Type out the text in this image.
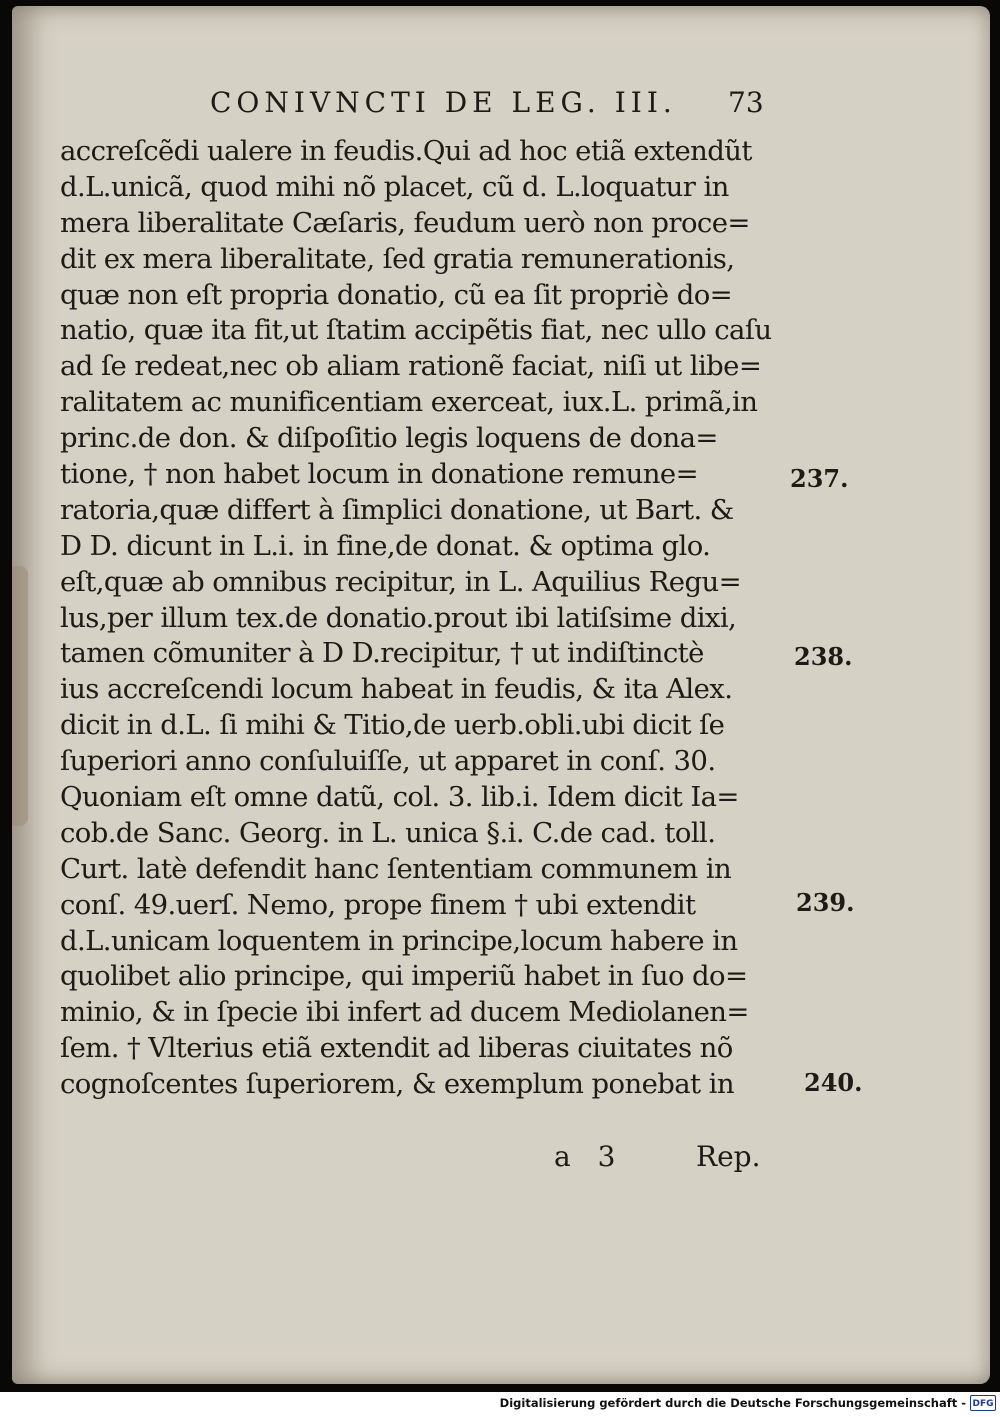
CONIVNCTI DE LEG. III. 73
accreſcẽdi ualere in feudis.Qui ad hoc etiã extendũt
d.L.unicã, quod mihi nõ placet, cũ d. L.loquatur in
mera liberalitate Cæſaris, feudum uerò non proce=
dit ex mera liberalitate, ſed gratia remunerationis,
quæ non eſt propria donatio, cũ ea ſit propriè do=
natio, quæ ita fit,ut ſtatim accipẽtis fiat, nec ullo caſu
ad ſe redeat,nec ob aliam rationẽ faciat, niſi ut libe=
ralitatem ac munificentiam exerceat, iux.L. primã,in
princ.de don. & diſpoſitio legis loquens de dona=
tione, † non habet locum in donatione remune=
ratoria,quæ differt à ſimplici donatione, ut Bart. &
D D. dicunt in L.i. in fine,de donat. & optima glo.
eſt,quæ ab omnibus recipitur, in L. Aquilius Regu=
lus,per illum tex.de donatio.prout ibi latiſsime dixi,
tamen cõmuniter à D D.recipitur, † ut indiſtinctè
ius accreſcendi locum habeat in feudis, & ita Alex.
dicit in d.L. ſi mihi & Titio,de uerb.obli.ubi dicit ſe
ſuperiori anno conſuluiſſe, ut apparet in conſ. 30.
Quoniam eſt omne datũ, col. 3. lib.i. Idem dicit Ia=
cob.de Sanc. Georg. in L. unica §.i. C.de cad. toll.
Curt. latè defendit hanc ſententiam communem in
conſ. 49.uerſ. Nemo, prope finem † ubi extendit
d.L.unicam loquentem in principe,locum habere in
quolibet alio principe, qui imperiũ habet in ſuo do=
minio, & in ſpecie ibi infert ad ducem Mediolanen=
ſem. † Vlterius etiã extendit ad liberas ciuitates nõ
cognoſcentes ſuperiorem, & exemplum ponebat in
237.
238.
239.
240.
a 3	Rep.
Digitalisierung gefördert durch die Deutsche Forschungsgemeinschaft - DFG
